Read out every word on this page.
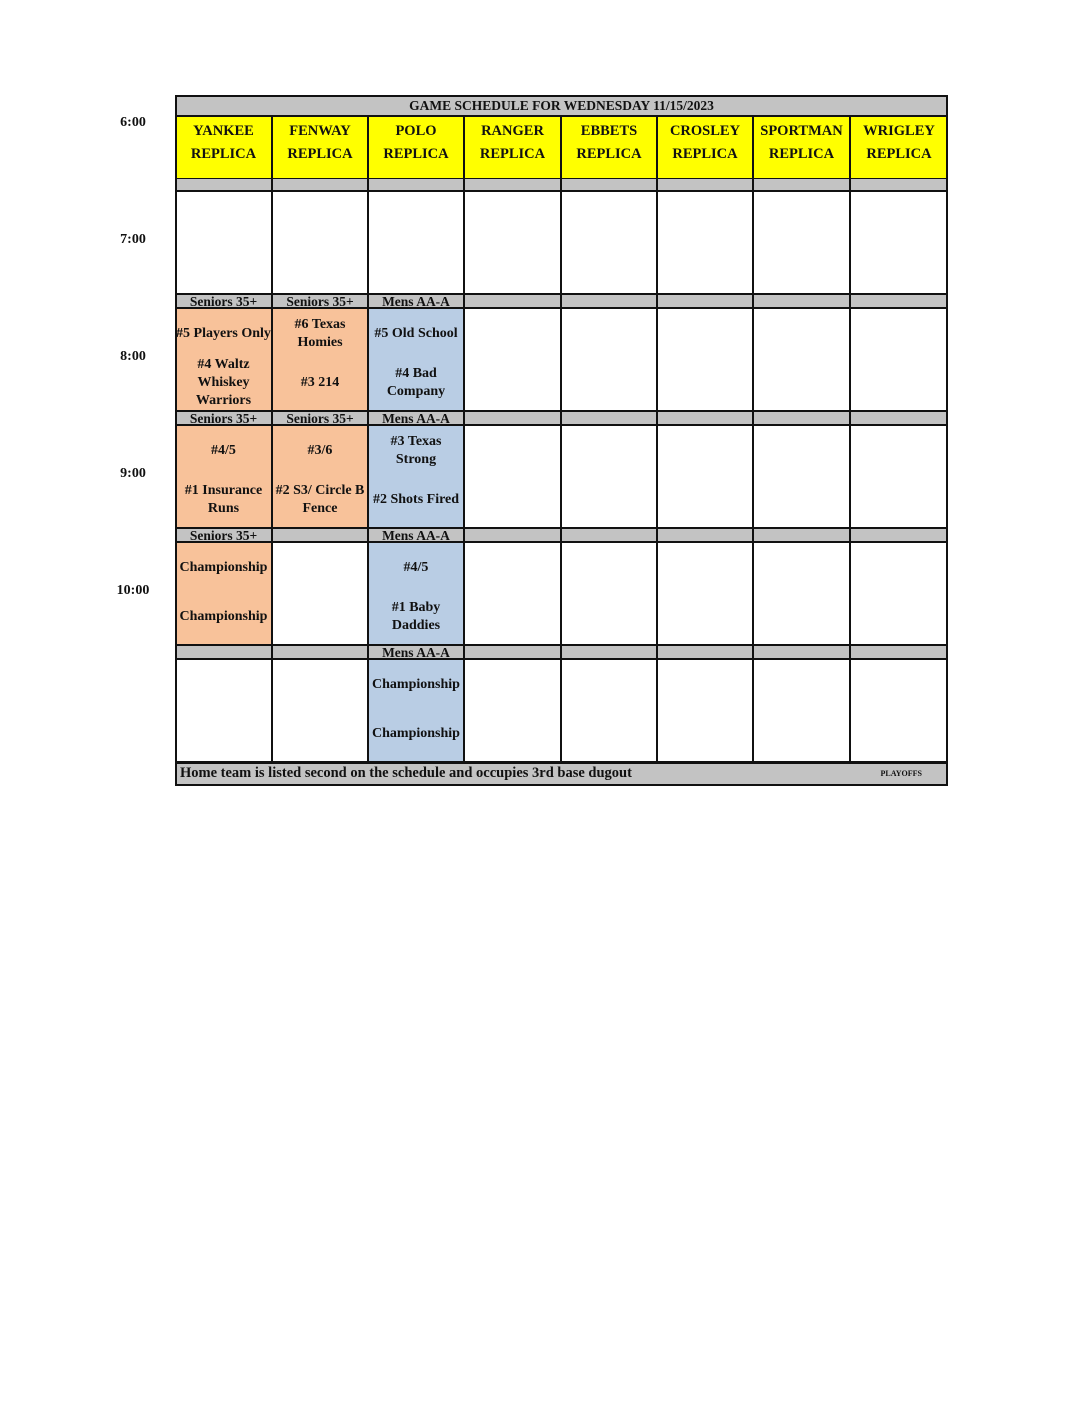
GAME SCHEDULE FOR WEDNESDAY 11/15/2023
YANKEE
REPLICA
FENWAY
REPLICA
POLO
REPLICA
RANGER
REPLICA
EBBETS
REPLICA
CROSLEY
REPLICA
SPORTMAN
REPLICA
WRIGLEY
REPLICA
Seniors 35+ Seniors 35+ Mens AA-A
#5 Players Only
#4 Waltz Whiskey Warriors
#6 Texas Homies
#3 214
#5 Old School
#4 Bad Company
Seniors 35+ Seniors 35+ Mens AA-A
#4/5
#1 Insurance Runs
#3/6
#2 S3/ Circle B Fence
#3 Texas Strong
#2 Shots Fired
Seniors 35+	Mens AA-A
Championship
Championship
#4/5
#1 Baby Daddies
Mens AA-A
Championship
Championship
Home team is listed second on the schedule and occupies 3rd base dugout	PLAYOFFS
6:00
7:00
8:00
9:00
10:00
